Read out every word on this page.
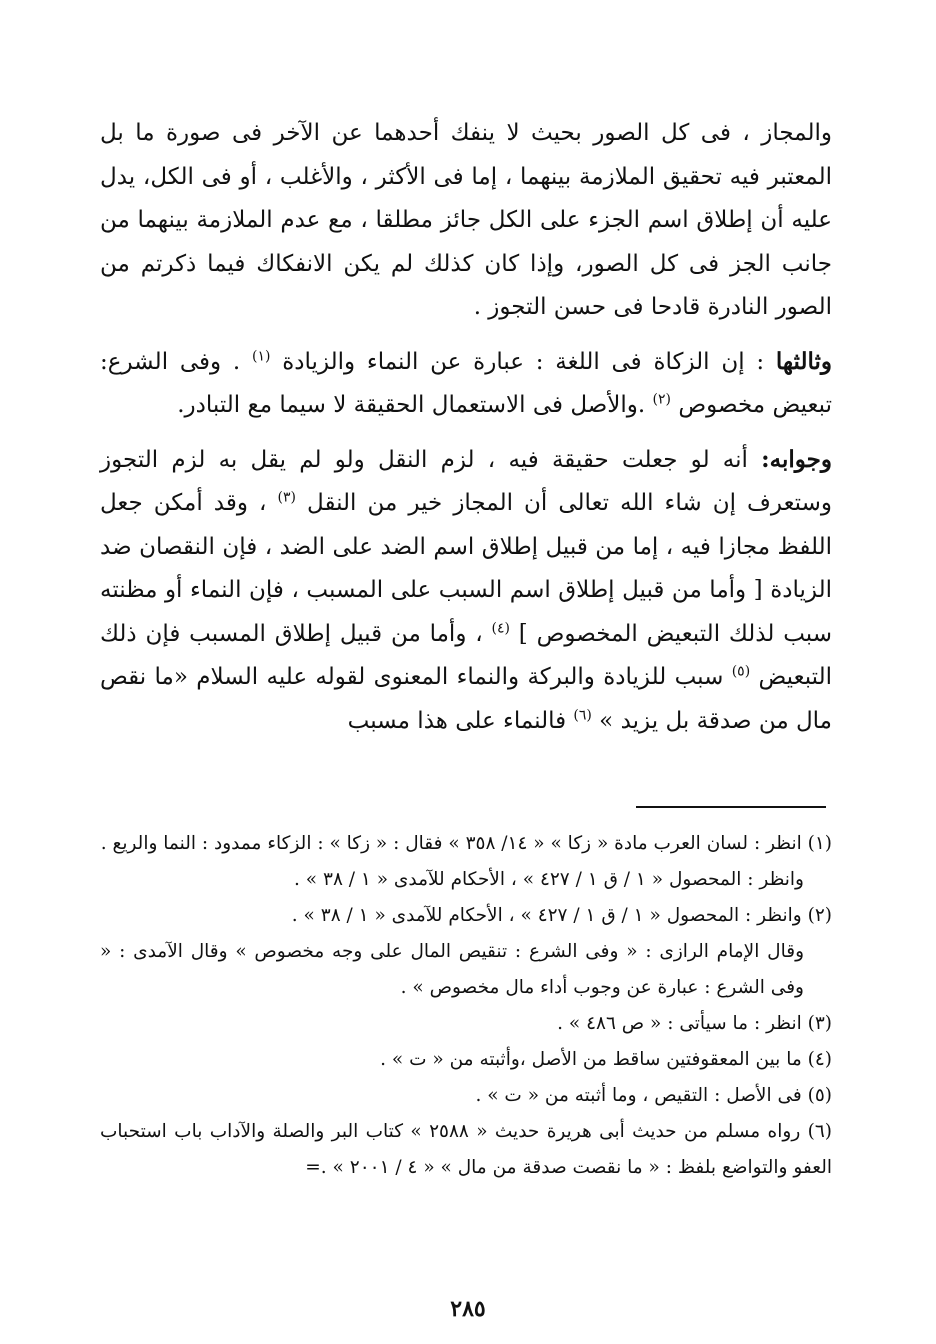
والمجاز ، فى كل الصور بحيث لا ينفك أحدهما عن الآخر فى صورة ما بل المعتبر فيه تحقيق الملازمة بينهما ، إما فى الأكثر ، والأغلب ، أو فى الكل، يدل عليه أن إطلاق اسم الجزء على الكل جائز مطلقا ، مع عدم الملازمة بينهما من جانب الجز فى كل الصور، وإذا كان كذلك لم يكن الانفكاك فيما ذكرتم من الصور النادرة قادحا فى حسن التجوز .

وثالثها : إن الزكاة فى اللغة : عبارة عن النماء والزيادة $^{(١)}$ . وفى الشرع: تبعيض مخصوص $^{(٢)}$ .والأصل فى الاستعمال الحقيقة لا سيما مع التبادر.

وجوابه: أنه لو جعلت حقيقة فيه ، لزم النقل ولو لم يقل به لزم التجوز وستعرف إن شاء الله تعالى أن المجاز خير من النقل $^{(٣)}$ ، وقد أمكن جعل اللفظ مجازا فيه ، إما من قبيل إطلاق اسم الضد على الضد ، فإن النقصان ضد الزيادة [ وأما من قبيل إطلاق اسم السبب على المسبب ، فإن النماء أو مظنته سبب لذلك التبعيض المخصوص ] $^{(٤)}$ ، وأما من قبيل إطلاق المسبب فإن ذلك التبعيض $^{(٥)}$ سبب للزيادة والبركة والنماء المعنوى لقوله عليه السلام «ما نقص مال من صدقة بل يزيد » $^{(٦)}$ فالنماء على هذا مسبب

(١) انظر : لسان العرب مادة « زكا » « ١٤/ ٣٥٨ » فقال : « زكا » : الزكاء ممدود : النما والريع .

وانظر : المحصول « ١ / ق ١ / ٤٢٧ » ، الأحكام للآمدى « ١ / ٣٨ » .

(٢) وانظر : المحصول « ١ / ق ١ / ٤٢٧ » ، الأحكام للآمدى « ١ / ٣٨ » .

وقال الإمام الرازى : « وفى الشرع : تنقيص المال على وجه مخصوص » وقال الآمدى : « وفى الشرع : عبارة عن وجوب أداء مال مخصوص » .

(٣) انظر : ما سيأتى : « ص ٤٨٦ » .

(٤) ما بين المعقوفتين ساقط من الأصل ،وأثبته من « ت » .

(٥) فى الأصل : التقيص ، وما أثبته من « ت » .

(٦) رواه مسلم من حديث أبى هريرة حديث « ٢٥٨٨ » كتاب البر والصلة والآداب باب استحباب العفو والتواضع بلفظ : « ما نقصت صدقة من مال » « ٤ / ٢٠٠١ » .=

٢٨٥
